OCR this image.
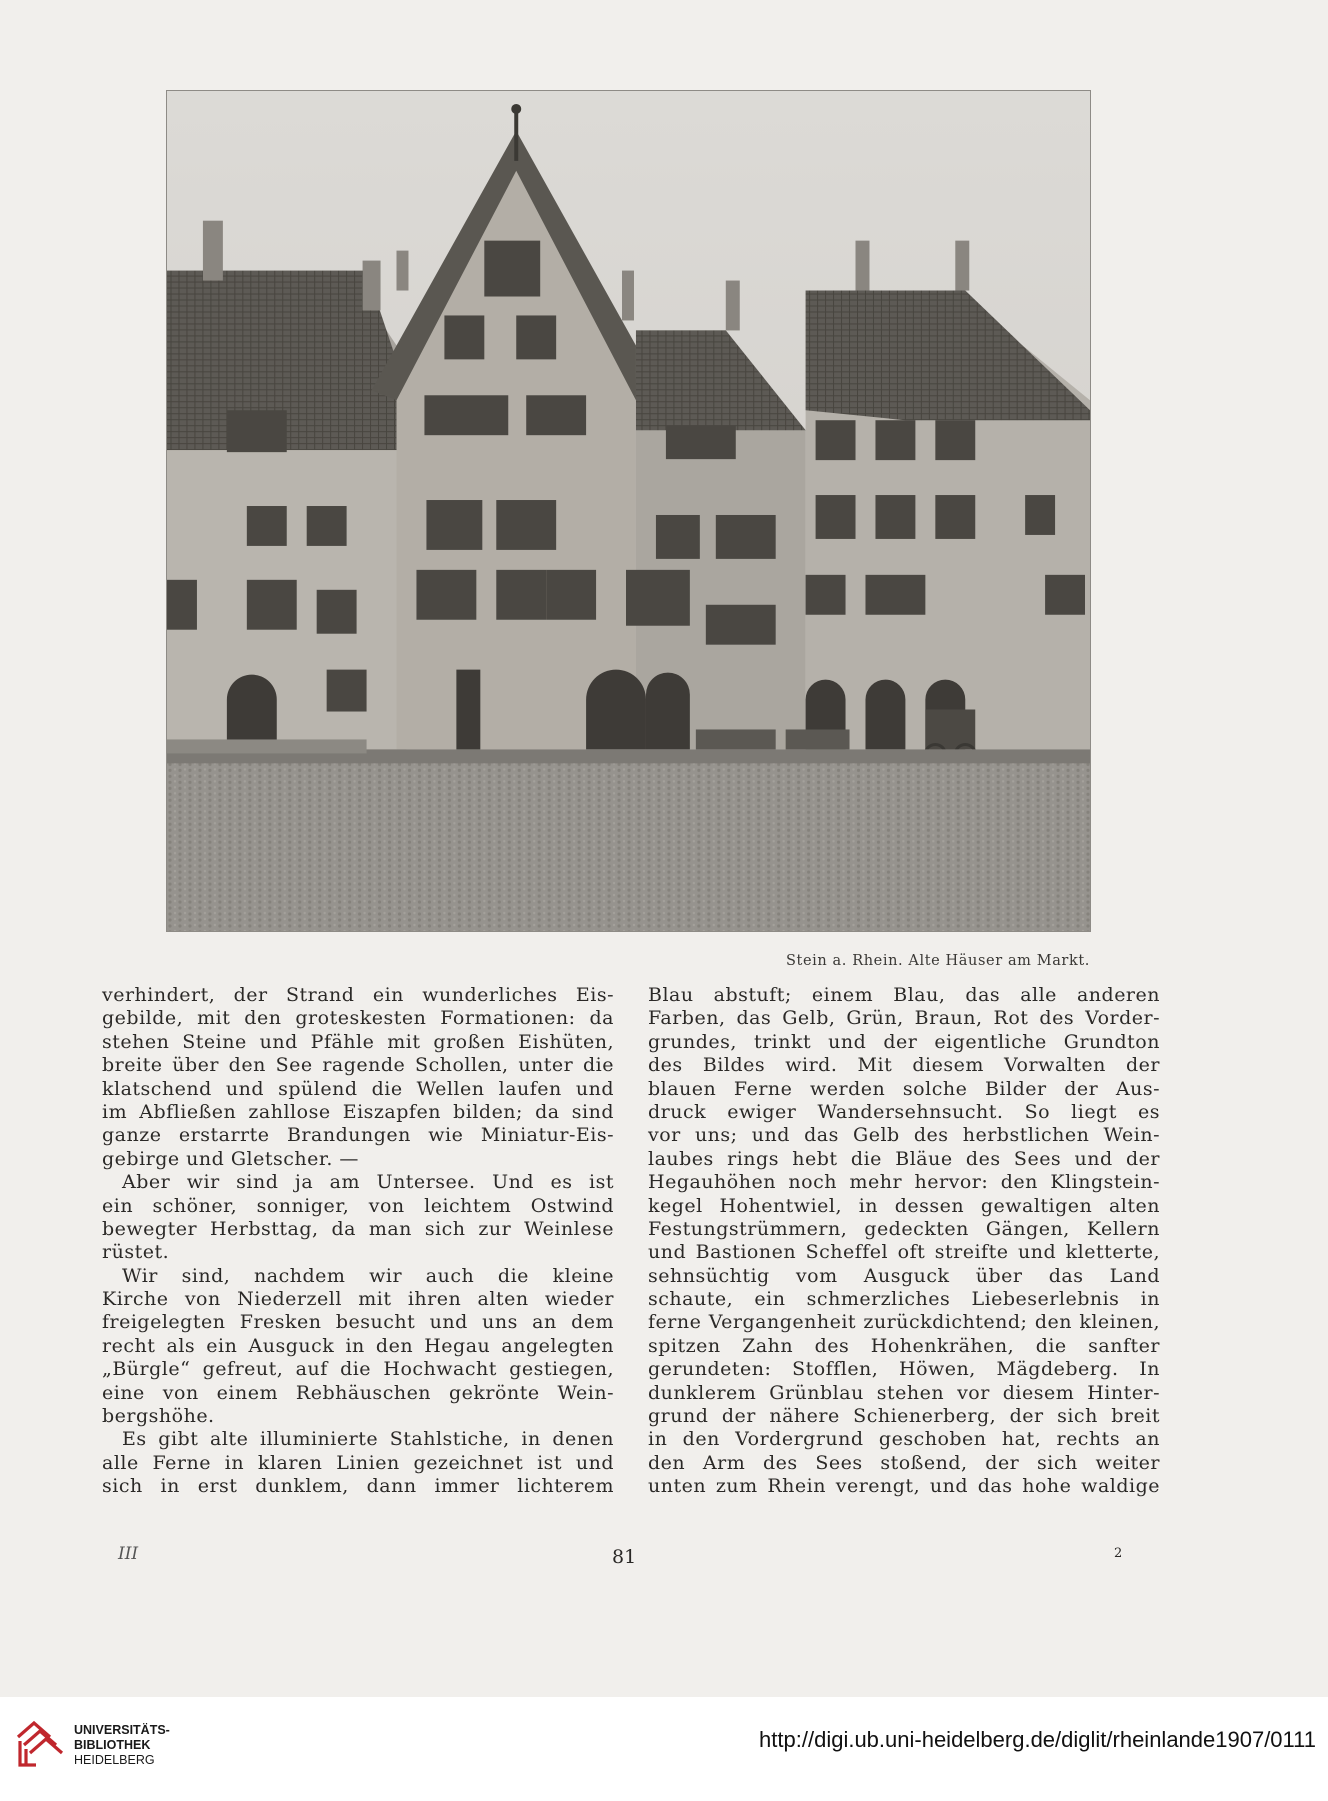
Stein a. Rhein. Alte Häuser am Markt.
verhindert, der Strand ein wunderliches Eis-
gebilde, mit den groteskesten Formationen: da
stehen Steine und Pfähle mit großen Eishüten,
breite über den See ragende Schollen, unter die
klatschend und spülend die Wellen laufen und
im Abfließen zahllose Eiszapfen bilden; da sind
ganze erstarrte Brandungen wie Miniatur-Eis-
gebirge und Gletscher. —
Aber wir sind ja am Untersee. Und es ist
ein schöner, sonniger, von leichtem Ostwind
bewegter Herbsttag, da man sich zur Weinlese
rüstet.
Wir sind, nachdem wir auch die kleine
Kirche von Niederzell mit ihren alten wieder
freigelegten Fresken besucht und uns an dem
recht als ein Ausguck in den Hegau angelegten
„Bürgle“ gefreut, auf die Hochwacht gestiegen,
eine von einem Rebhäuschen gekrönte Wein-
bergshöhe.
Es gibt alte illuminierte Stahlstiche, in denen
alle Ferne in klaren Linien gezeichnet ist und
sich in erst dunklem, dann immer lichterem
Blau abstuft; einem Blau, das alle anderen
Farben, das Gelb, Grün, Braun, Rot des Vorder-
grundes, trinkt und der eigentliche Grundton
des Bildes wird. Mit diesem Vorwalten der
blauen Ferne werden solche Bilder der Aus-
druck ewiger Wandersehnsucht. So liegt es
vor uns; und das Gelb des herbstlichen Wein-
laubes rings hebt die Bläue des Sees und der
Hegauhöhen noch mehr hervor: den Klingstein-
kegel Hohentwiel, in dessen gewaltigen alten
Festungstrümmern, gedeckten Gängen, Kellern
und Bastionen Scheffel oft streifte und kletterte,
sehnsüchtig vom Ausguck über das Land
schaute, ein schmerzliches Liebeserlebnis in
ferne Vergangenheit zurückdichtend; den kleinen,
spitzen Zahn des Hohenkrähen, die sanfter
gerundeten: Stofflen, Höwen, Mägdeberg. In
dunklerem Grünblau stehen vor diesem Hinter-
grund der nähere Schienerberg, der sich breit
in den Vordergrund geschoben hat, rechts an
den Arm des Sees stoßend, der sich weiter
unten zum Rhein verengt, und das hohe waldige
III	81	2
UNIVERSITÄTS-
BIBLIOTHEK
HEIDELBERG
http://digi.ub.uni-heidelberg.de/diglit/rheinlande1907/0111
